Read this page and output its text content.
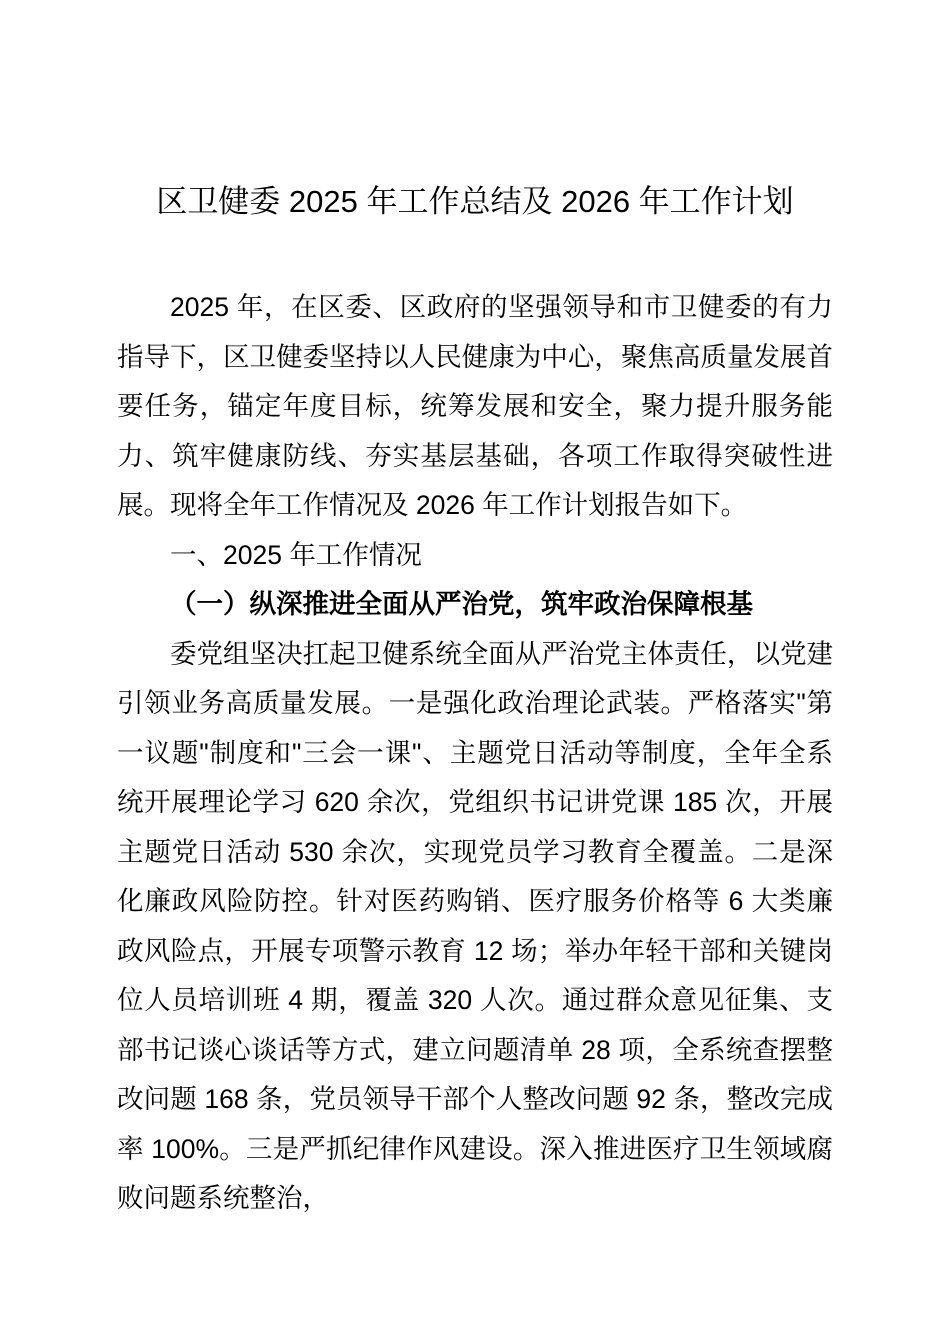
区卫健委 2025 年工作总结及 2026 年工作计划

2025 年，在区委、区政府的坚强领导和市卫健委的有力指导下，区卫健委坚持以人民健康为中心，聚焦高质量发展首要任务，锚定年度目标，统筹发展和安全，聚力提升服务能力、筑牢健康防线、夯实基层基础，各项工作取得突破性进展。现将全年工作情况及 2026 年工作计划报告如下。

一、2025 年工作情况

（一）纵深推进全面从严治党，筑牢政治保障根基

委党组坚决扛起卫健系统全面从严治党主体责任，以党建引领业务高质量发展。一是强化政治理论武装。严格落实"第一议题"制度和"三会一课"、主题党日活动等制度，全年全系统开展理论学习 620 余次，党组织书记讲党课 185 次，开展主题党日活动 530 余次，实现党员学习教育全覆盖。二是深化廉政风险防控。针对医药购销、医疗服务价格等 6 大类廉政风险点，开展专项警示教育 12 场；举办年轻干部和关键岗位人员培训班 4 期，覆盖 320 人次。通过群众意见征集、支部书记谈心谈话等方式，建立问题清单 28 项，全系统查摆整改问题 168 条，党员领导干部个人整改问题 92 条，整改完成率 100%。三是严抓纪律作风建设。深入推进医疗卫生领域腐败问题系统整治，
